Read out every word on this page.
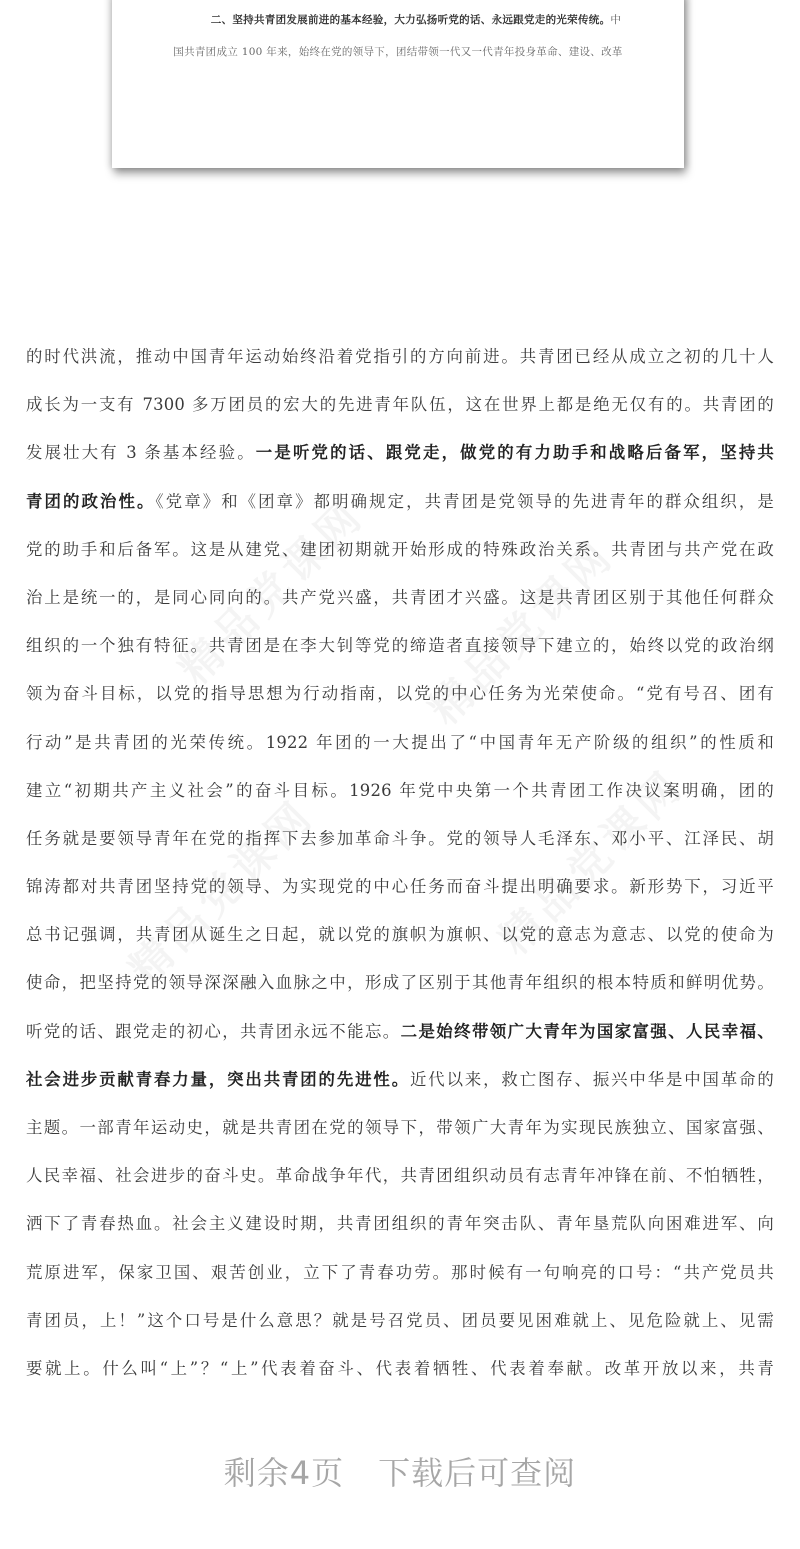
二、坚持共青团发展前进的基本经验，大力弘扬听党的话、永远跟党走的光荣传统。中
国共青团成立 100 年来，始终在党的领导下，团结带领一代又一代青年投身革命、建设、改革
的时代洪流，推动中国青年运动始终沿着党指引的方向前进。共青团已经从成立之初的几十人
成长为一支有 7300 多万团员的宏大的先进青年队伍，这在世界上都是绝无仅有的。共青团的
发展壮大有 3 条基本经验。一是听党的话、跟党走，做党的有力助手和战略后备军，坚持共
青团的政治性。《党章》和《团章》都明确规定，共青团是党领导的先进青年的群众组织，是
党的助手和后备军。这是从建党、建团初期就开始形成的特殊政治关系。共青团与共产党在政
治上是统一的，是同心同向的。共产党兴盛，共青团才兴盛。这是共青团区别于其他任何群众
组织的一个独有特征。共青团是在李大钊等党的缔造者直接领导下建立的，始终以党的政治纲
领为奋斗目标，以党的指导思想为行动指南，以党的中心任务为光荣使命。“党有号召、团有
行动”是共青团的光荣传统。1922 年团的一大提出了“中国青年无产阶级的组织”的性质和
建立“初期共产主义社会”的奋斗目标。1926 年党中央第一个共青团工作决议案明确，团的
任务就是要领导青年在党的指挥下去参加革命斗争。党的领导人毛泽东、邓小平、江泽民、胡
锦涛都对共青团坚持党的领导、为实现党的中心任务而奋斗提出明确要求。新形势下，习近平
总书记强调，共青团从诞生之日起，就以党的旗帜为旗帜、以党的意志为意志、以党的使命为
使命，把坚持党的领导深深融入血脉之中，形成了区别于其他青年组织的根本特质和鲜明优势。
听党的话、跟党走的初心，共青团永远不能忘。二是始终带领广大青年为国家富强、人民幸福、
社会进步贡献青春力量，突出共青团的先进性。近代以来，救亡图存、振兴中华是中国革命的
主题。一部青年运动史，就是共青团在党的领导下，带领广大青年为实现民族独立、国家富强、
人民幸福、社会进步的奋斗史。革命战争年代，共青团组织动员有志青年冲锋在前、不怕牺牲，
洒下了青春热血。社会主义建设时期，共青团组织的青年突击队、青年垦荒队向困难进军、向
荒原进军，保家卫国、艰苦创业，立下了青春功劳。那时候有一句响亮的口号：“共产党员共
青团员，上！”这个口号是什么意思？就是号召党员、团员要见困难就上、见危险就上、见需
要就上。什么叫“上”？“上”代表着奋斗、代表着牺牲、代表着奉献。改革开放以来，共青
剩余4页 下载后可查阅
